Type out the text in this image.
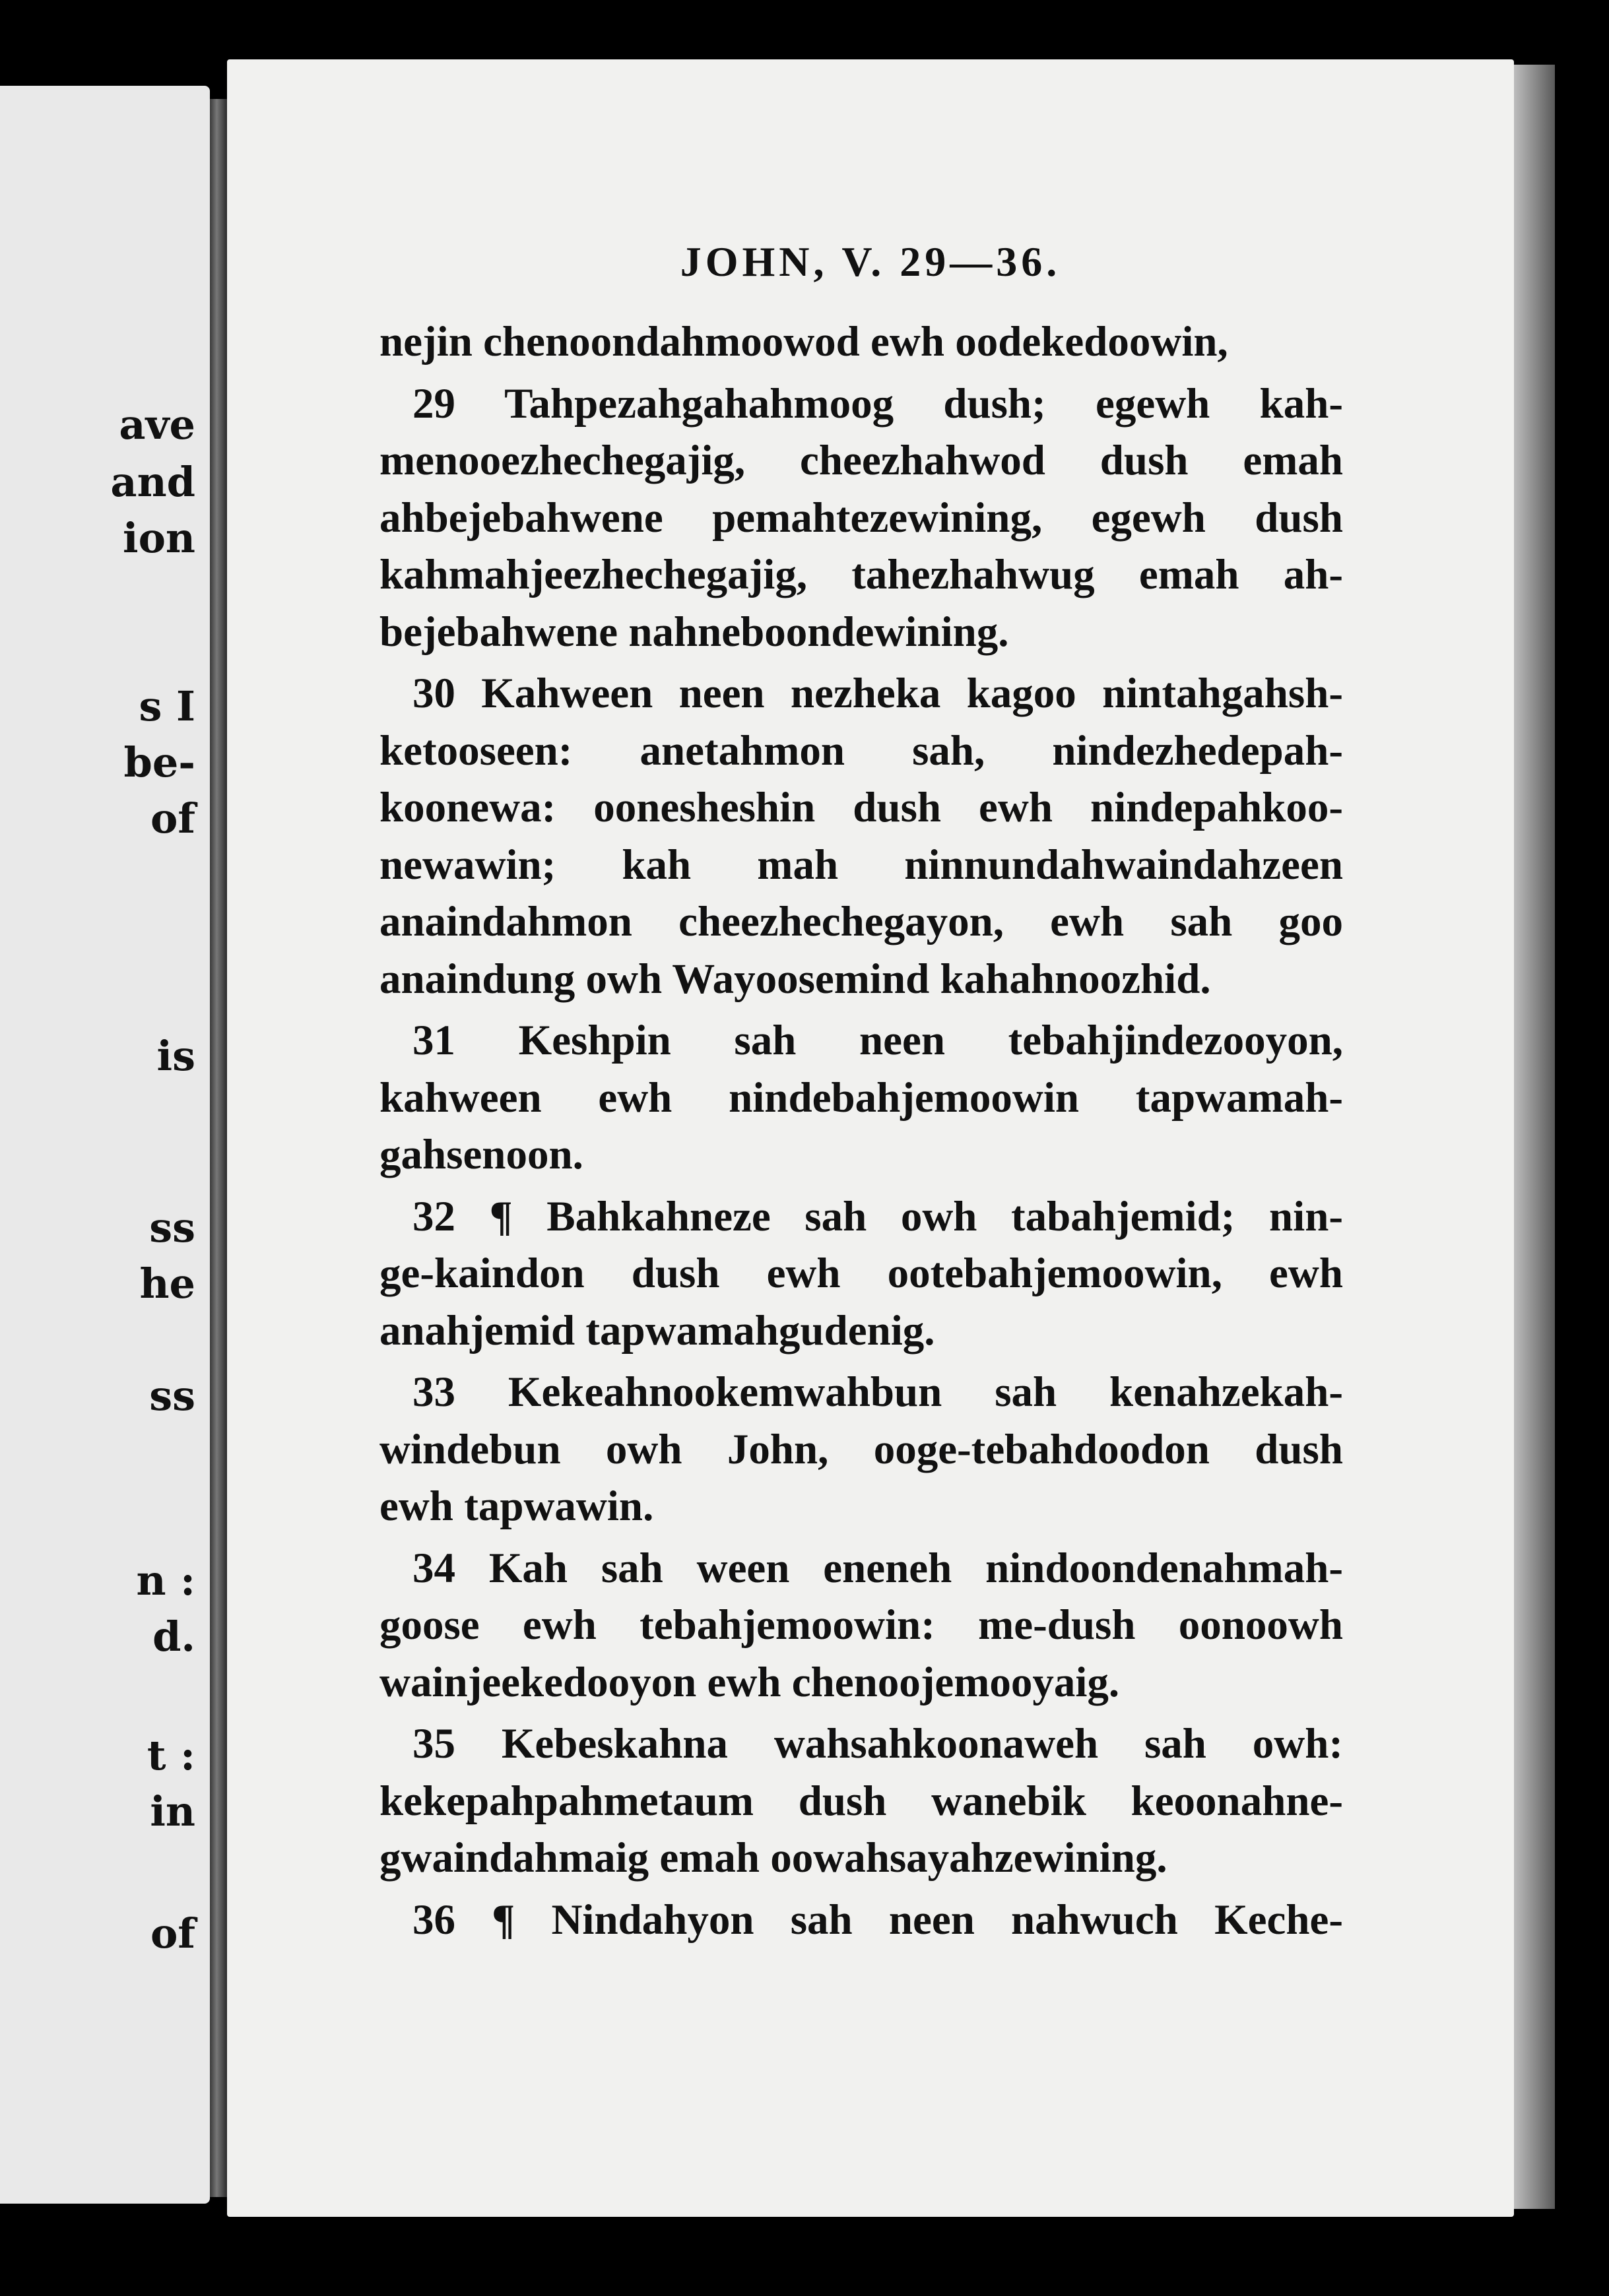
ave
and
ion
s I
be-
of
is
ss
he
ss
n :
d.
t :
in
of
JOHN, V. 29—36.
nejin chenoondahmoowod ewh oodekedoowin,
29 Tahpezahgahahmoog dush; egewh kah-
menooezhechegajig, cheezhahwod dush emah
ahbejebahwene pemahtezewining, egewh dush
kahmahjeezhechegajig, tahezhahwug emah ah-
bejebahwene nahneboondewining.
30 Kahween neen nezheka kagoo nintahgahsh-
ketooseen: anetahmon sah, nindezhedepah-
koonewa: oonesheshin dush ewh nindepahkoo-
newawin; kah mah ninnundahwaindahzeen
anaindahmon cheezhechegayon, ewh sah goo
anaindung owh Wayoosemind kahahnoozhid.
31 Keshpin sah neen tebahjindezooyon,
kahween ewh nindebahjemoowin tapwamah-
gahsenoon.
32 ¶ Bahkahneze sah owh tabahjemid; nin-
ge-kaindon dush ewh ootebahjemoowin, ewh
anahjemid tapwamahgudenig.
33 Kekeahnookemwahbun sah kenahzekah-
windebun owh John, ooge-tebahdoodon dush
ewh tapwawin.
34 Kah sah ween eneneh nindoondenahmah-
goose ewh tebahjemoowin: me-dush oonoowh
wainjeekedooyon ewh chenoojemooyaig.
35 Kebeskahna wahsahkoonaweh sah owh:
kekepahpahmetaum dush wanebik keoonahne-
gwaindahmaig emah oowahsayahzewining.
36 ¶ Nindahyon sah neen nahwuch Keche-
